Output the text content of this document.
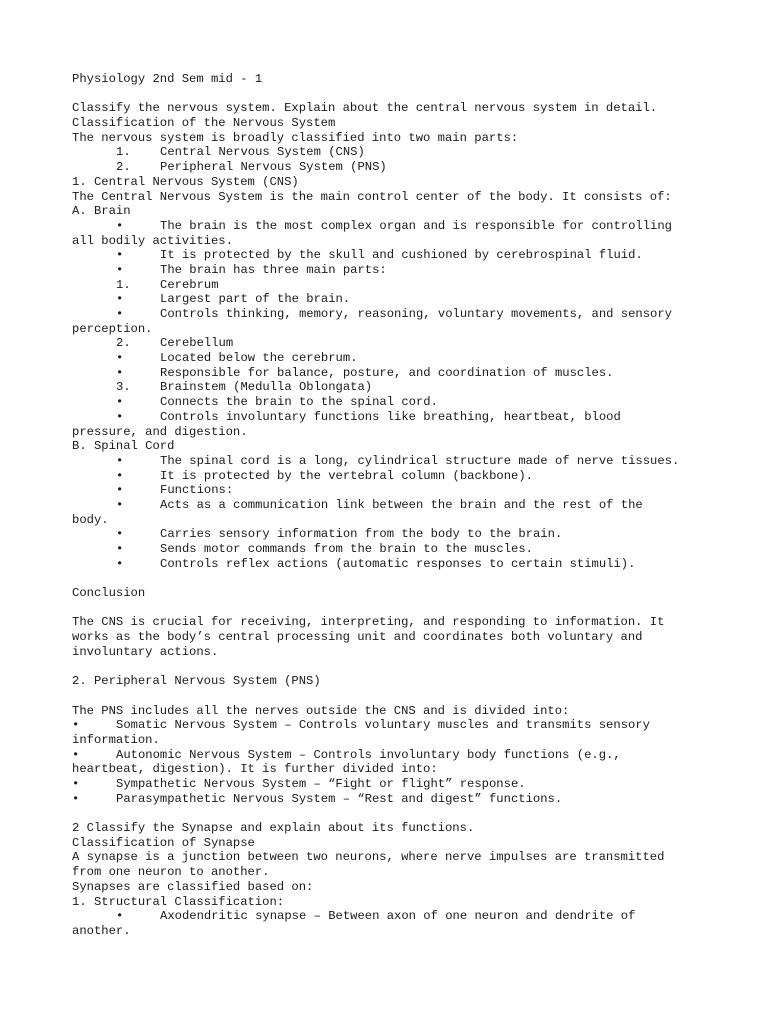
Physiology 2nd Sem mid - 1
Classify the nervous system. Explain about the central nervous system in detail.
Classification of the Nervous System
The nervous system is broadly classified into two main parts:
1. Central Nervous System (CNS)
2. Peripheral Nervous System (PNS)
1. Central Nervous System (CNS)
The Central Nervous System is the main control center of the body. It consists of:
A. Brain
•	The brain is the most complex organ and is responsible for controlling
all bodily activities.
•	It is protected by the skull and cushioned by cerebrospinal fluid.
•	The brain has three main parts:
1. Cerebrum
•	Largest part of the brain.
•	Controls thinking, memory, reasoning, voluntary movements, and sensory
perception.
2. Cerebellum
•	Located below the cerebrum.
•	Responsible for balance, posture, and coordination of muscles.
3. Brainstem (Medulla Oblongata)
•	Connects the brain to the spinal cord.
•	Controls involuntary functions like breathing, heartbeat, blood
pressure, and digestion.
B. Spinal Cord
•	The spinal cord is a long, cylindrical structure made of nerve tissues.
•	It is protected by the vertebral column (backbone).
•	Functions:
•	Acts as a communication link between the brain and the rest of the
body.
•	Carries sensory information from the body to the brain.
•	Sends motor commands from the brain to the muscles.
•	Controls reflex actions (automatic responses to certain stimuli).
Conclusion
The CNS is crucial for receiving, interpreting, and responding to information. It
works as the body’s central processing unit and coordinates both voluntary and
involuntary actions.
2. Peripheral Nervous System (PNS)
The PNS includes all the nerves outside the CNS and is divided into:
•	Somatic Nervous System – Controls voluntary muscles and transmits sensory
information.
•	Autonomic Nervous System – Controls involuntary body functions (e.g.,
heartbeat, digestion). It is further divided into:
•	Sympathetic Nervous System – “Fight or flight” response.
•	Parasympathetic Nervous System – “Rest and digest” functions.
2 Classify the Synapse and explain about its functions.
Classification of Synapse
A synapse is a junction between two neurons, where nerve impulses are transmitted
from one neuron to another.
Synapses are classified based on:
1. Structural Classification:
•	Axodendritic synapse – Between axon of one neuron and dendrite of
another.
